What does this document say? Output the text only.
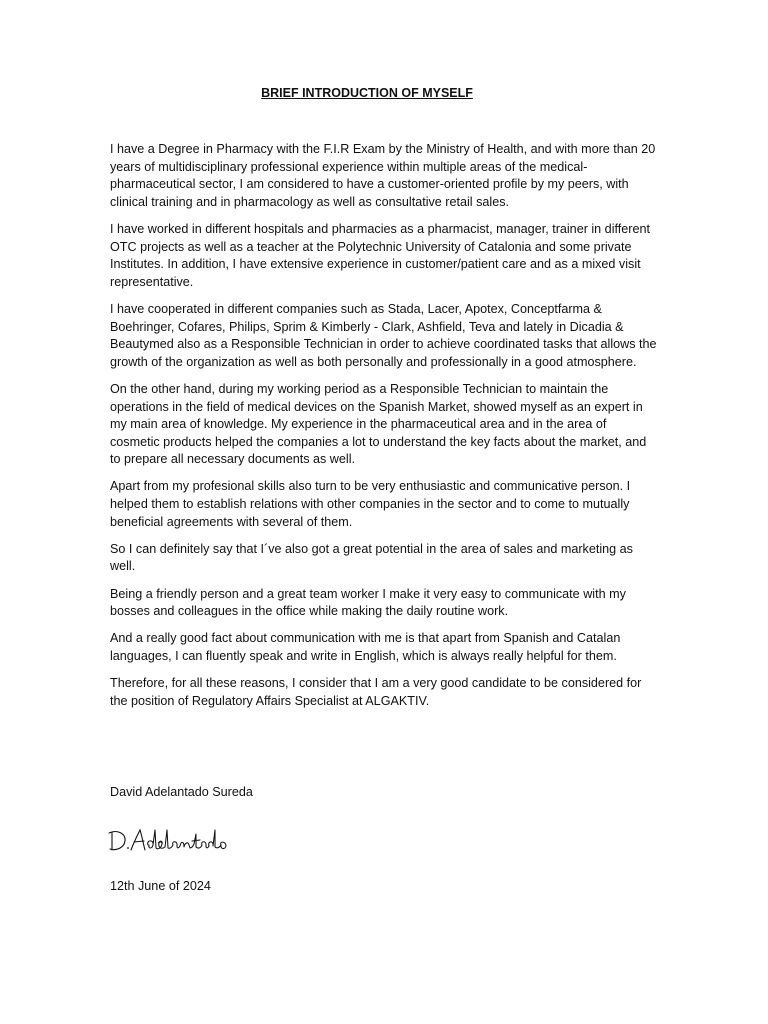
BRIEF INTRODUCTION OF MYSELF

I have a Degree in Pharmacy with the F.I.R Exam by the Ministry of Health, and with more than 20 years of multidisciplinary professional experience within multiple areas of the medical-pharmaceutical sector, I am considered to have a customer-oriented profile by my peers, with clinical training and in pharmacology as well as consultative retail sales.

I have worked in different hospitals and pharmacies as a pharmacist, manager, trainer in different OTC projects as well as a teacher at the Polytechnic University of Catalonia and some private Institutes. In addition, I have extensive experience in customer/patient care and as a mixed visit representative.

I have cooperated in different companies such as Stada, Lacer, Apotex, Conceptfarma & Boehringer, Cofares, Philips, Sprim & Kimberly - Clark, Ashfield, Teva and lately in Dicadia & Beautymed also as a Responsible Technician in order to achieve coordinated tasks that allows the growth of the organization as well as both personally and professionally in a good atmosphere.

On the other hand, during my working period as a Responsible Technician to maintain the operations in the field of medical devices on the Spanish Market, showed myself as an expert in my main area of knowledge. My experience in the pharmaceutical area and in the area of cosmetic products helped the companies a lot to understand the key facts about the market, and to prepare all necessary documents as well.

Apart from my profesional skills also turn to be very enthusiastic and communicative person. I helped them to establish relations with other companies in the sector and to come to mutually beneficial agreements with several of them.

So I can definitely say that I´ve also got a great potential in the area of sales and marketing as well.

Being a friendly person and a great team worker I make it very easy to communicate with my bosses and colleagues in the office while making the daily routine work.

And a really good fact about communication with me is that apart from Spanish and Catalan languages, I can fluently speak and write in English, which is always really helpful for them.

Therefore, for all these reasons, I consider that I am a very good candidate to be considered for the position of Regulatory Affairs Specialist at ALGAKTIV.

David Adelantado Sureda
12th June of 2024
